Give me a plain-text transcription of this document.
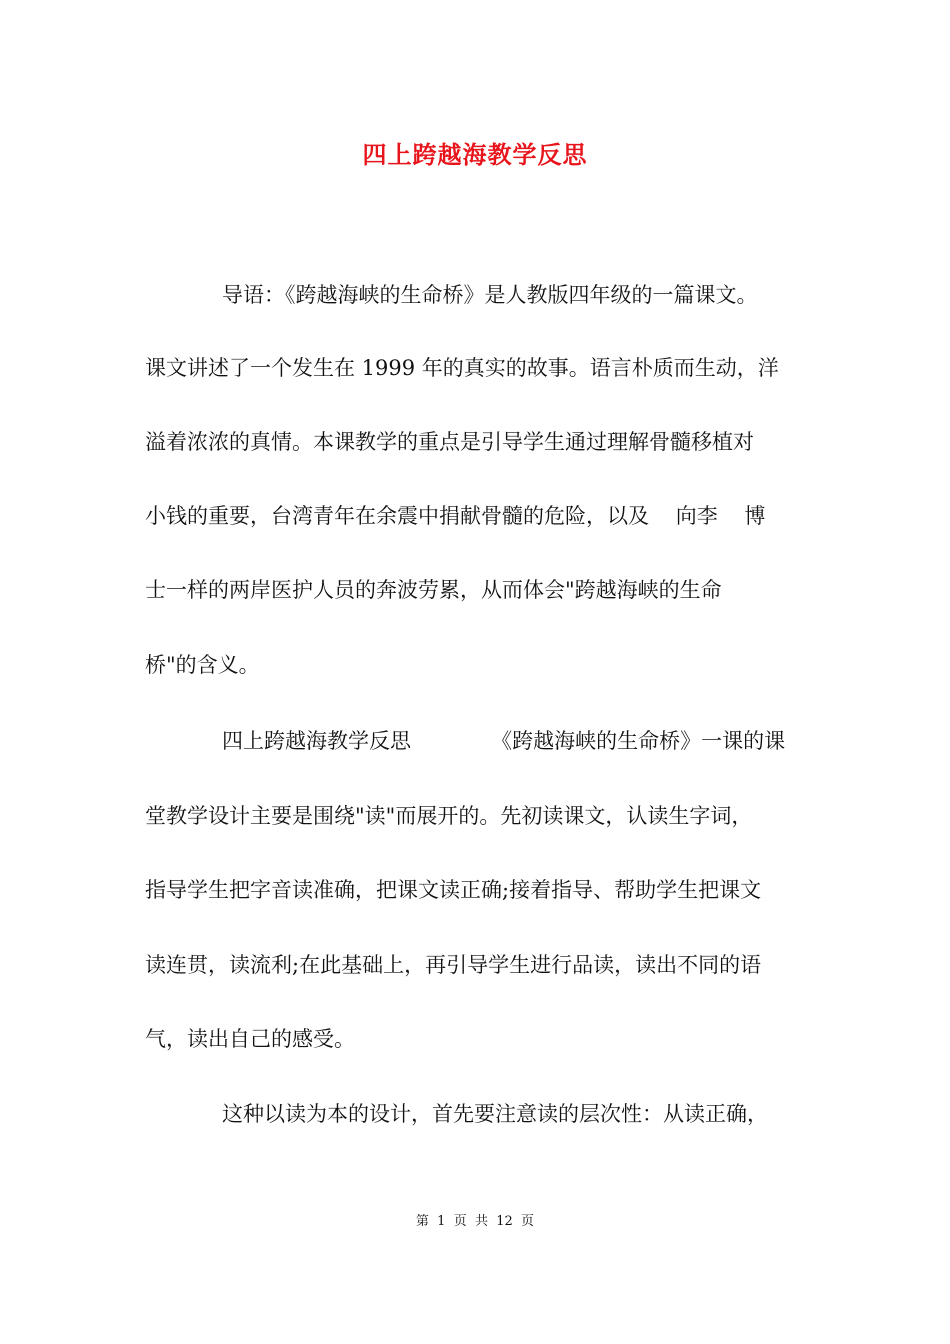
四上跨越海教学反思
导语：《跨越海峡的生命桥》是人教版四年级的一篇课文。
课文讲述了一个发生在 1999 年的真实的故事。语言朴质而生动，洋
溢着浓浓的真情。本课教学的重点是引导学生通过理解骨髓移植对
小钱的重要，台湾青年在余震中捐献骨髓的危险，以及    向李    博
士一样的两岸医护人员的奔波劳累，从而体会"跨越海峡的生命
桥"的含义。
四上跨越海教学反思            《跨越海峡的生命桥》一课的课
堂教学设计主要是围绕"读"而展开的。先初读课文，认读生字词，
指导学生把字音读准确，把课文读正确;接着指导、帮助学生把课文
读连贯，读流利;在此基础上，再引导学生进行品读，读出不同的语
气，读出自己的感受。
这种以读为本的设计，首先要注意读的层次性：从读正确，
第  1  页  共  12  页
